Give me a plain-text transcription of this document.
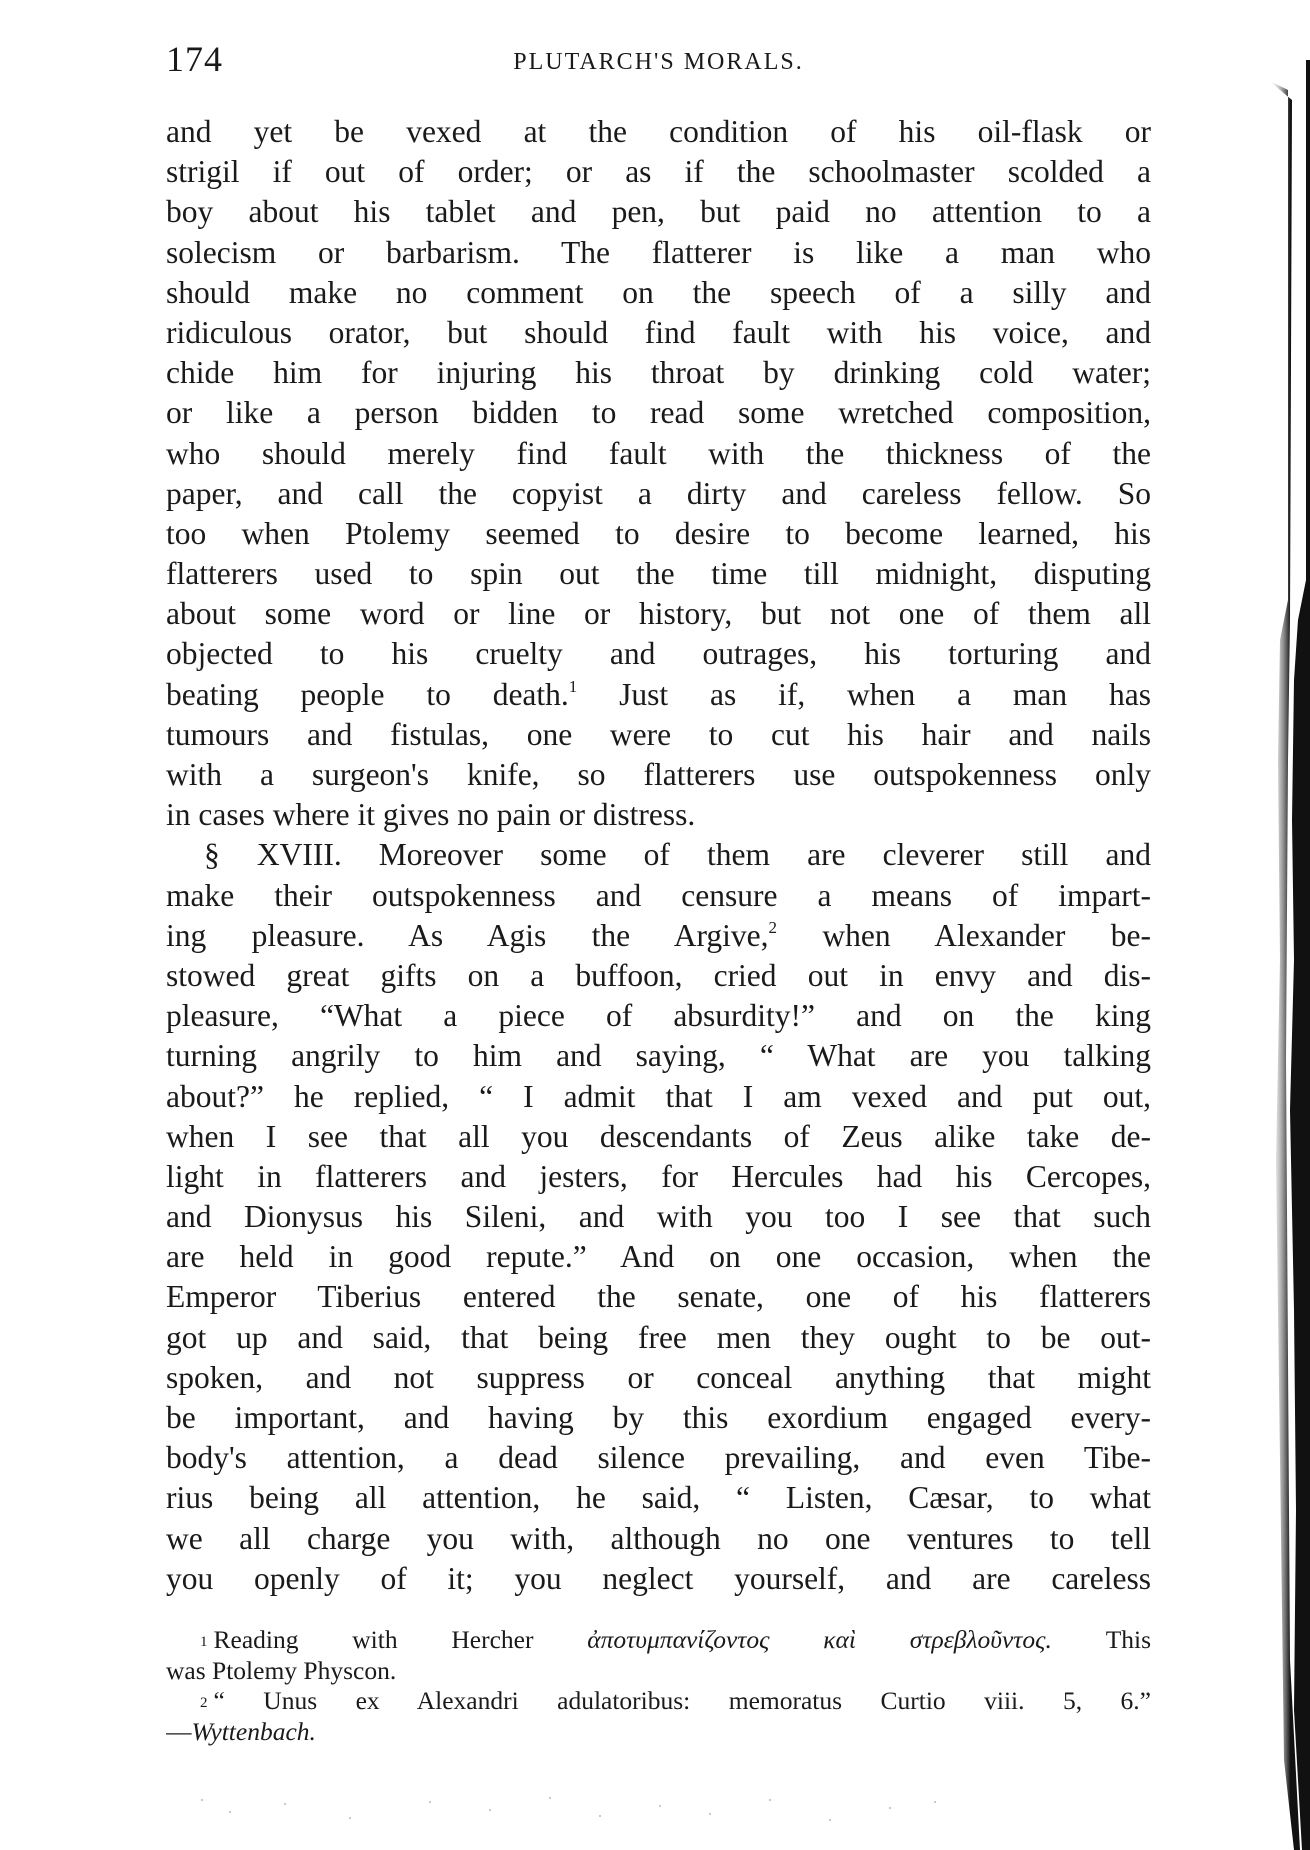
174	PLUTARCH'S MORALS.
and yet be vexed at the condition of his oil-flask or
strigil if out of order; or as if the schoolmaster scolded a
boy about his tablet and pen, but paid no attention to a
solecism or barbarism. The flatterer is like a man who
should make no comment on the speech of a silly and
ridiculous orator, but should find fault with his voice, and
chide him for injuring his throat by drinking cold water;
or like a person bidden to read some wretched composition,
who should merely find fault with the thickness of the
paper, and call the copyist a dirty and careless fellow. So
too when Ptolemy seemed to desire to become learned, his
flatterers used to spin out the time till midnight, disputing
about some word or line or history, but not one of them all
objected to his cruelty and outrages, his torturing and
beating people to death.$^1$ Just as if, when a man has
tumours and fistulas, one were to cut his hair and nails
with a surgeon's knife, so flatterers use outspokenness only
in cases where it gives no pain or distress.
§ XVIII. Moreover some of them are cleverer still and
make their outspokenness and censure a means of impart-
ing pleasure. As Agis the Argive,$^2$ when Alexander be-
stowed great gifts on a buffoon, cried out in envy and dis-
pleasure, “What a piece of absurdity!” and on the king
turning angrily to him and saying, “ What are you talking
about?” he replied, “ I admit that I am vexed and put out,
when I see that all you descendants of Zeus alike take de-
light in flatterers and jesters, for Hercules had his Cercopes,
and Dionysus his Sileni, and with you too I see that such
are held in good repute.” And on one occasion, when the
Emperor Tiberius entered the senate, one of his flatterers
got up and said, that being free men they ought to be out-
spoken, and not suppress or conceal anything that might
be important, and having by this exordium engaged every-
body's attention, a dead silence prevailing, and even Tibe-
rius being all attention, he said, “ Listen, Cæsar, to what
we all charge you with, although no one ventures to tell
you openly of it; you neglect yourself, and are careless
$^1$ Reading with Hercher ἀποτυμπανίζοντος καὶ στρεβλοῦντος. This
was Ptolemy Physcon.
$^2$ “ Unus ex Alexandri adulatoribus: memoratus Curtio viii. 5, 6.”
—Wyttenbach.
